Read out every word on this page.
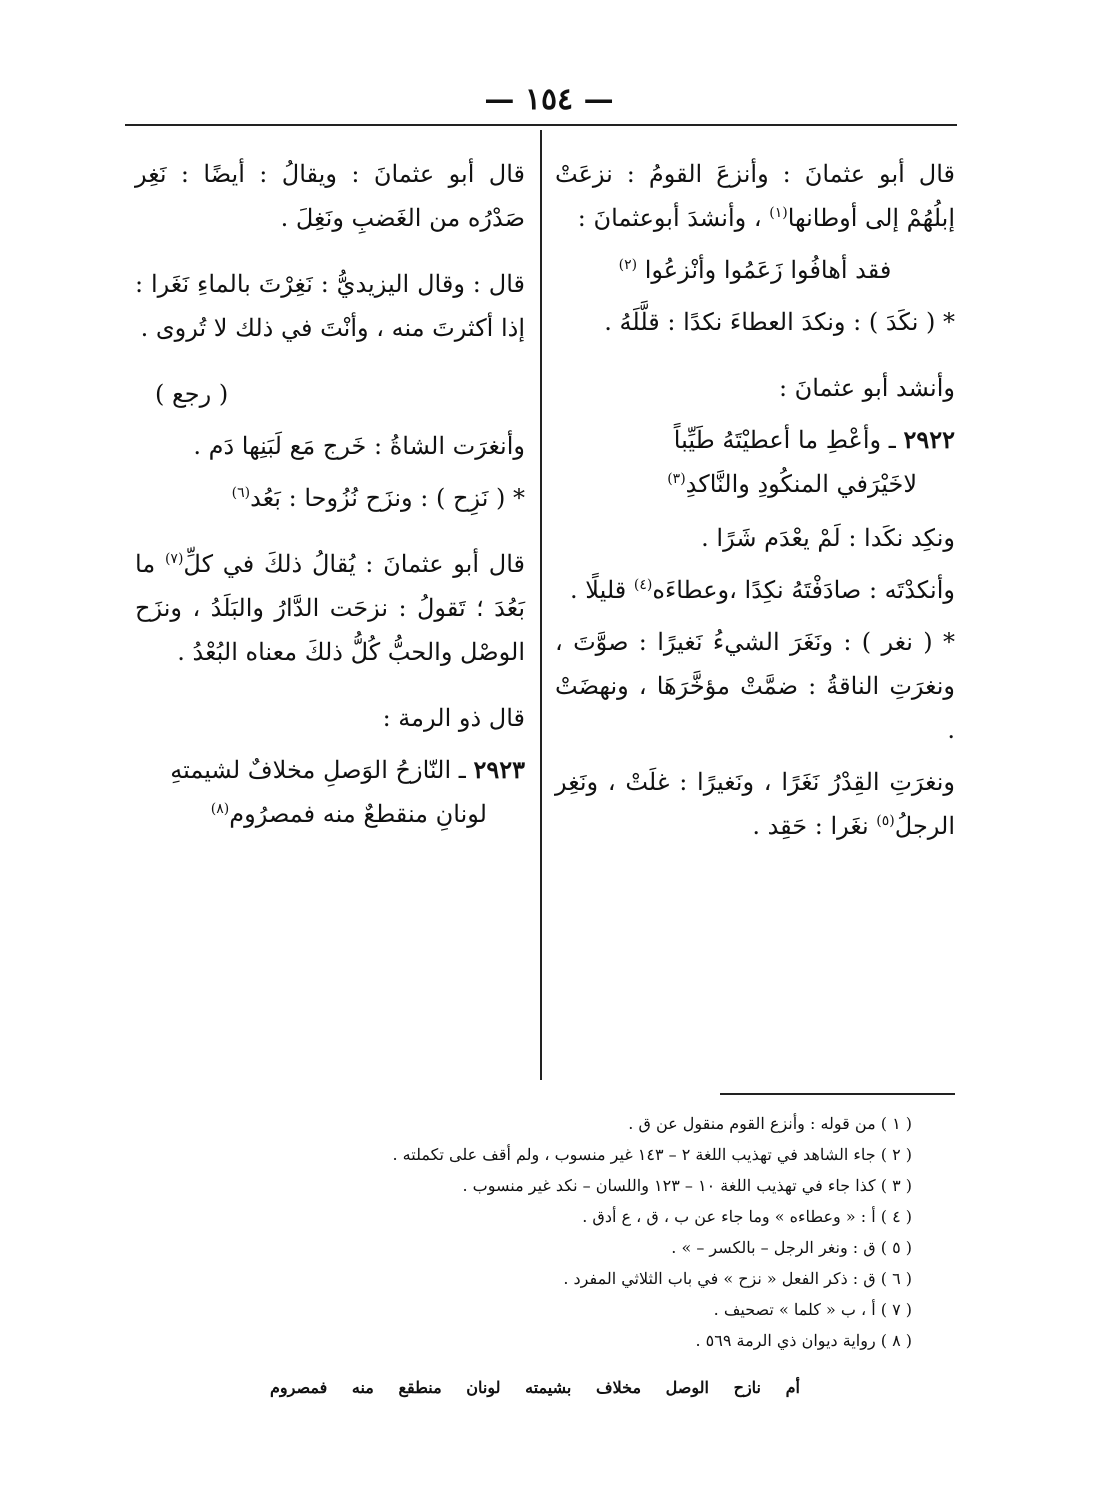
— ١٥٤ —

قال أبو عثمانَ : وأنزعَ القومُ : نزعَتْ إبلُهُمْ إلى أوطانها$^{(١)}$ ، وأنشدَ أبوعثمانَ :

فقد أهافُوا زَعَمُوا وأنْزعُوا $^{(٢)}$

* ( نكَدَ ) : ونكدَ العطاءَ نكدًا : قلَّلَهُ .

وأنشد أبو عثمانَ :

٢٩٢٢ ـ وأعْطِ ما أعطيْتَهُ طَيِّباً
لاخَيْرَفي المنكُودِ والنَّاكدِ$^{(٣)}$

ونكِد نكَدا : لَمْ يعْدَم شَرًا .

وأنكدْتَه : صادَفْتَهُ نكِدًا ،وعطاءَه$^{(٤)}$ قليلًا .

* ( نغر ) : ونَغَرَ الشيءُ نَغيرًا : صوَّتَ ، ونغرَتِ الناقةُ : ضمَّتْ مؤخَّرَهَا ، ونهضَتْ .

ونغرَتِ القِدْرُ نَغَرًا ، ونَغيرًا : غلَتْ ، ونَغِر الرجلُ$^{(٥)}$ نغَرا : حَقِد .

قال أبو عثمانَ : ويقالُ : أيضًا : نَغِر صَدْرُه من الغَضبِ ونَغِلَ .

قال : وقال اليزيديُّ : نَغِرْتَ بالماءِ نَغَرا : إذا أكثرتَ منه ، وأنْتَ في ذلك لا تُروى .

( رجع )

وأنغرَت الشاةُ : خَرج مَع لَبَنِها دَم .

* ( نَزِح ) : ونزَح نُزُوحا : بَعُد$^{(٦)}$

قال أبو عثمانَ : يُقالُ ذلكَ في كلِّ$^{(٧)}$ ما بَعُدَ ؛ تَقولُ : نزحَت الدَّارُ والبَلَدُ ، ونزَح الوصْل والحبُّ كُلُّ ذلكَ معناه البُعْدُ .

قال ذو الرمة :

٢٩٢٣ ـ النّازحُ الوَصلِ مخلافٌ لشيمتهِ
لونانِ منقطعٌ منه فمصرُوم$^{(٨)}$
( ١ ) من قوله : وأنزع القوم منقول عن ق .
( ٢ ) جاء الشاهد في تهذيب اللغة ٢ – ١٤٣ غير منسوب ، ولم أقف على تكملته .
( ٣ ) كذا جاء في تهذيب اللغة ١٠ – ١٢٣ واللسان – نكد غير منسوب .
( ٤ ) أ : « وعطاءه » وما جاء عن ب ، ق ، ع أدق .
( ٥ ) ق : ونغر الرجل – بالكسر – » .
( ٦ ) ق : ذكر الفعل « نزح » في باب الثلاثي المفرد .
( ٧ ) أ ، ب « كلما » تصحيف .
( ٨ ) رواية ديوان ذي الرمة ٥٦٩ .
أم
نازح
الوصل
مخلاف
بشيمته
لونان
منطقع
منه
فمصروم
